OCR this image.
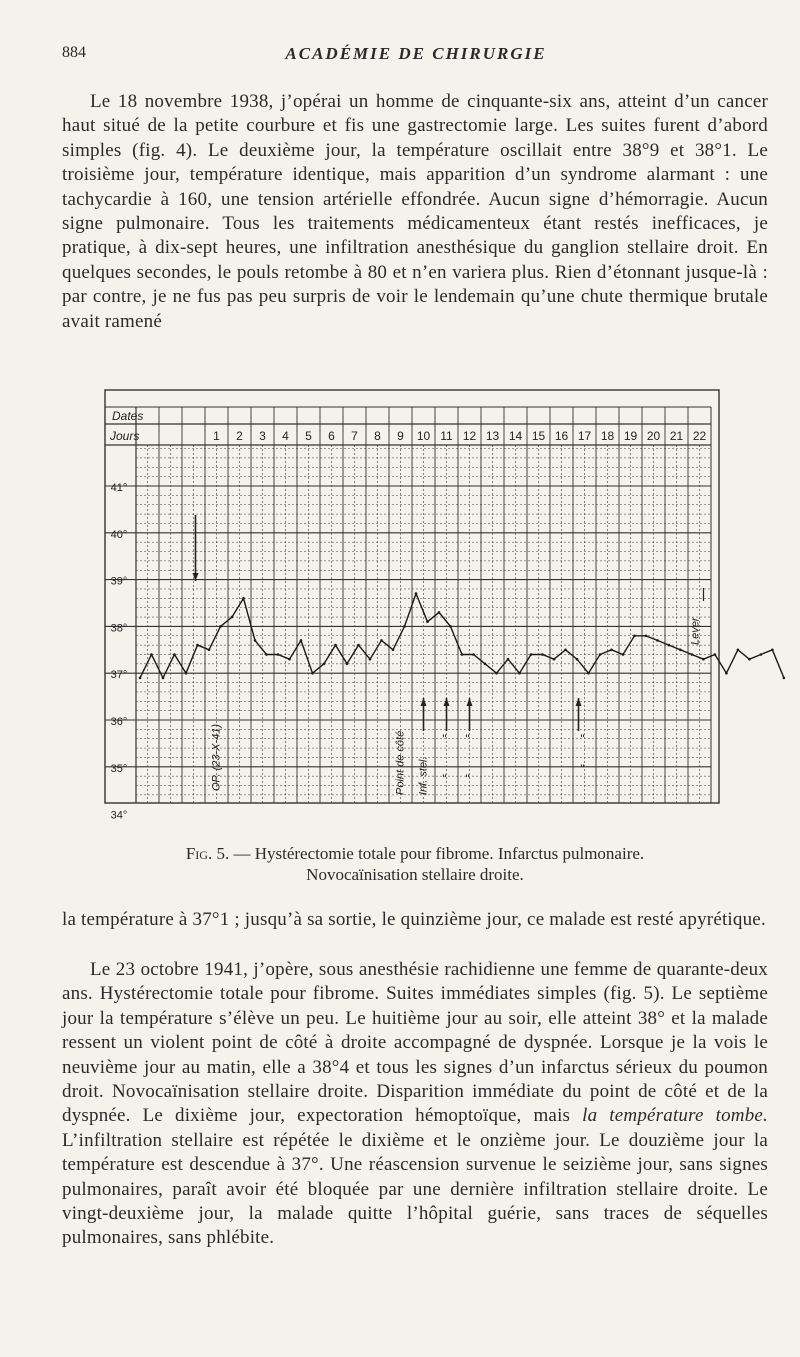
884	ACADÉMIE DE CHIRURGIE

Le 18 novembre 1938, j’opérai un homme de cinquante-six ans, atteint d’un cancer haut situé de la petite courbure et fis une gastrectomie large. Les suites furent d’abord simples (fig. 4). Le deuxième jour, la température oscillait entre 38°9 et 38°1. Le troisième jour, température identique, mais apparition d’un syndrome alarmant : une tachycardie à 160, une tension artérielle effondrée. Aucun signe d’hémorragie. Aucun signe pulmonaire. Tous les traitements médicamenteux étant restés inefficaces, je pratique, à dix-sept heures, une infiltration anesthésique du ganglion stellaire droit. En quelques secondes, le pouls retombe à 80 et n’en variera plus. Rien d’étonnant jusque-là : par contre, je ne fus pas peu surpris de voir le lendemain qu’une chute thermique brutale avait ramené

Dates
Jours	1 2 3 4 5 6 7 8 9 10 11 12 13 14 15 16 17 18 19 20 21 22
41°
40°
39°
38°
37°
36°
35°
34°
OP. (23-X-41)	Point de côté Inf. stel.
"
"
"
"
"
"
Lever
Fig. 5. — Hystérectomie totale pour fibrome. Infarctus pulmonaire.
Novocaïnisation stellaire droite.

la température à 37°1 ; jusqu’à sa sortie, le quinzième jour, ce malade est resté apyrétique.

Le 23 octobre 1941, j’opère, sous anesthésie rachidienne une femme de quarante-deux ans. Hystérectomie totale pour fibrome. Suites immédiates simples (fig. 5). Le septième jour la température s’élève un peu. Le huitième jour au soir, elle atteint 38° et la malade ressent un violent point de côté à droite accompagné de dyspnée. Lorsque je la vois le neuvième jour au matin, elle a 38°4 et tous les signes d’un infarctus sérieux du poumon droit. Novocaïnisation stellaire droite. Disparition immédiate du point de côté et de la dyspnée. Le dixième jour, expectoration hémoptoïque, mais la température tombe. L’infiltration stellaire est répétée le dixième et le onzième jour. Le douzième jour la température est descendue à 37°. Une réascension survenue le seizième jour, sans signes pulmonaires, paraît avoir été bloquée par une dernière infiltration stellaire droite. Le vingt-deuxième jour, la malade quitte l’hôpital guérie, sans traces de séquelles pulmonaires, sans phlébite.
